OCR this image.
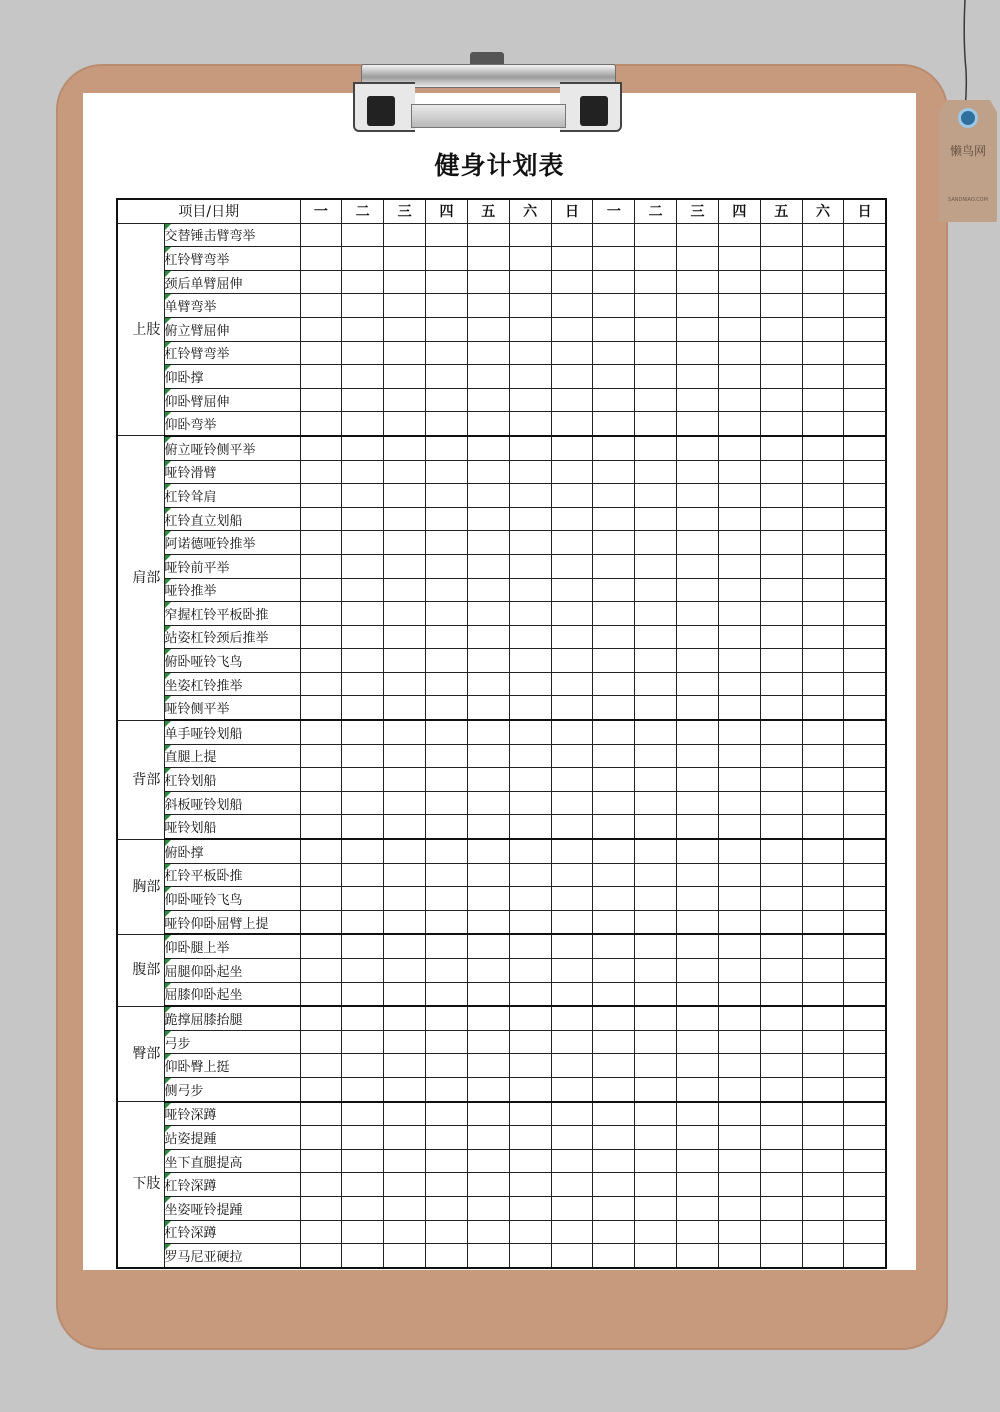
懒鸟网
SANDNIAO.COM
健身计划表
项目/日期		一	二	三	四	五	六	日	一	二	三	四	五	六	日
上肢	交替锤击臂弯举														
	杠铃臂弯举														
	颈后单臂屈伸														
	单臂弯举														
	俯立臂屈伸														
	杠铃臂弯举														
	仰卧撑														
	仰卧臂屈伸														
	仰卧弯举														
肩部	俯立哑铃侧平举														
	哑铃滑臂														
	杠铃耸肩														
	杠铃直立划船														
	阿诺德哑铃推举														
	哑铃前平举														
	哑铃推举														
	窄握杠铃平板卧推														
	站姿杠铃颈后推举														
	俯卧哑铃飞鸟														
	坐姿杠铃推举														
	哑铃侧平举														
背部	单手哑铃划船														
	直腿上提														
	杠铃划船														
	斜板哑铃划船														
	哑铃划船														
胸部	俯卧撑														
	杠铃平板卧推														
	仰卧哑铃飞鸟														
	哑铃仰卧屈臂上提														
腹部	仰卧腿上举														
	屈腿仰卧起坐														
	屈膝仰卧起坐														
臀部	跪撑屈膝抬腿														
	弓步														
	仰卧臀上挺														
	侧弓步														
下肢	哑铃深蹲														
	站姿提踵														
	坐下直腿提高														
	杠铃深蹲														
	坐姿哑铃提踵														
	杠铃深蹲														
	罗马尼亚硬拉														
